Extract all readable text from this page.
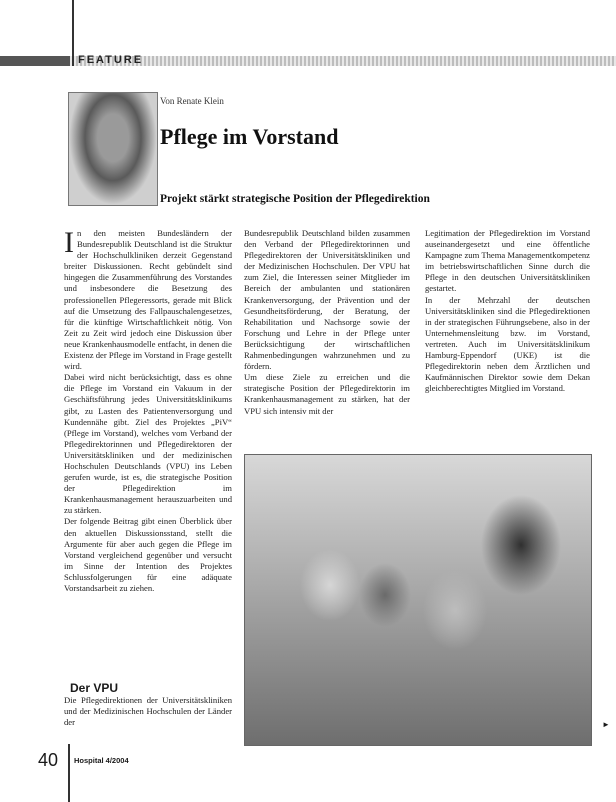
FEATURE
Von Renate Klein
Pflege im Vorstand
Projekt stärkt strategische Position der Pflegedirektion

In den meisten Bundesländern der Bundesrepublik Deutschland ist die Struktur der Hochschulkliniken derzeit Gegenstand breiter Diskussionen. Recht gebündelt sind hingegen die Zusammenführung des Vorstandes und insbesondere die Besetzung des professionellen Pflegeressorts, gerade mit Blick auf die Umsetzung des Fallpauschalengesetzes, für die künftige Wirtschaftlichkeit nötig. Von Zeit zu Zeit wird jedoch eine Diskussion über neue Krankenhausmodelle entfacht, in denen die Existenz der Pflege im Vorstand in Frage gestellt wird.

Dabei wird nicht berücksichtigt, dass es ohne die Pflege im Vorstand ein Vakuum in der Geschäftsführung jedes Universitätsklinikums gibt, zu Lasten des Patientenversorgung und Kundennähe gibt. Ziel des Projektes „PiV“ (Pflege im Vorstand), welches vom Verband der Pflegedirektorinnen und Pflegedirektoren der Universitätskliniken und der medizinischen Hochschulen Deutschlands (VPU) ins Leben gerufen wurde, ist es, die strategische Position der Pflegedirektion im Krankenhausmanagement herauszuarbeiten und zu stärken.

Der folgende Beitrag gibt einen Überblick über den aktuellen Diskussionsstand, stellt die Argumente für aber auch gegen die Pflege im Vorstand vergleichend gegenüber und versucht im Sinne der Intention des Projektes Schlussfolgerungen für eine adäquate Vorstandsarbeit zu ziehen.

Der VPU
Die Pflegedirektionen der Universitätskliniken und der Medizinischen Hochschulen der Länder der

Bundesrepublik Deutschland bilden zusammen den Verband der Pflegedirektorinnen und Pflegedirektoren der Universitätskliniken und der Medizinischen Hochschulen. Der VPU hat zum Ziel, die Interessen seiner Mitglieder im Bereich der ambulanten und stationären Krankenversorgung, der Prävention und der Gesundheitsförderung, der Beratung, der Rehabilitation und Nachsorge sowie der Forschung und Lehre in der Pflege unter Berücksichtigung der wirtschaftlichen Rahmenbedingungen wahrzunehmen und zu fördern.

Um diese Ziele zu erreichen und die strategische Position der Pflegedirektorin im Krankenhausmanagement zu stärken, hat der VPU sich intensiv mit der

Legitimation der Pflegedirektion im Vorstand auseinandergesetzt und eine öffentliche Kampagne zum Thema Managementkompetenz im betriebswirtschaftlichen Sinne durch die Pflege in den deutschen Universitätskliniken gestartet.

In der Mehrzahl der deutschen Universitätskliniken sind die Pflegedirektionen in der strategischen Führungsebene, also in der Unternehmensleitung bzw. im Vorstand, vertreten. Auch im Universitätsklinikum Hamburg-Eppendorf (UKE) ist die Pflegedirektorin neben dem Ärztlichen und Kaufmännischen Direktor sowie dem Dekan gleichberechtigtes Mitglied im Vorstand.

40 Hospital 4/2004
►
